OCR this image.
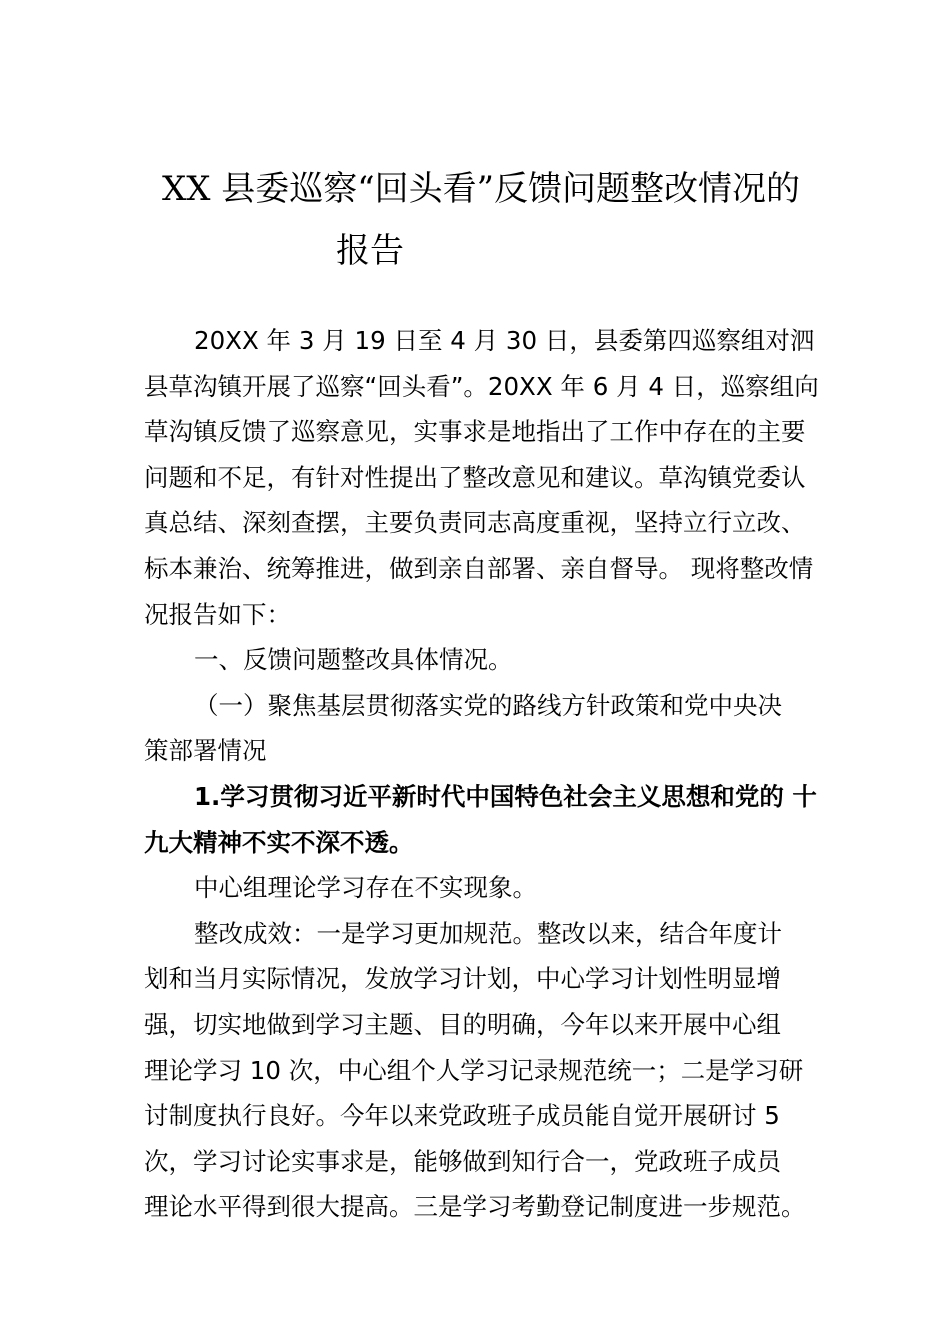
XX 县委巡察“回头看”反馈问题整改情况的
报告
20XX 年 3 月 19 日至 4 月 30 日，县委第四巡察组对泗
县草沟镇开展了巡察“回头看”。20XX 年 6 月 4 日，巡察组向
草沟镇反馈了巡察意见，实事求是地指出了工作中存在的主要
问题和不足，有针对性提出了整改意见和建议。草沟镇党委认
真总结、深刻查摆，主要负责同志高度重视，坚持立行立改、
标本兼治、统筹推进，做到亲自部署、亲自督导。 现将整改情
况报告如下：
一、反馈问题整改具体情况。
（一）聚焦基层贯彻落实党的路线方针政策和党中央决
策部署情况
1.学习贯彻习近平新时代中国特色社会主义思想和党的 十
九大精神不实不深不透。
中心组理论学习存在不实现象。
整改成效：一是学习更加规范。整改以来，结合年度计
划和当月实际情况，发放学习计划，中心学习计划性明显增
强，切实地做到学习主题、目的明确，今年以来开展中心组
理论学习 10 次，中心组个人学习记录规范统一；二是学习研
讨制度执行良好。今年以来党政班子成员能自觉开展研讨 5
次，学习讨论实事求是，能够做到知行合一，党政班子成员
理论水平得到很大提高。三是学习考勤登记制度进一步规范。
